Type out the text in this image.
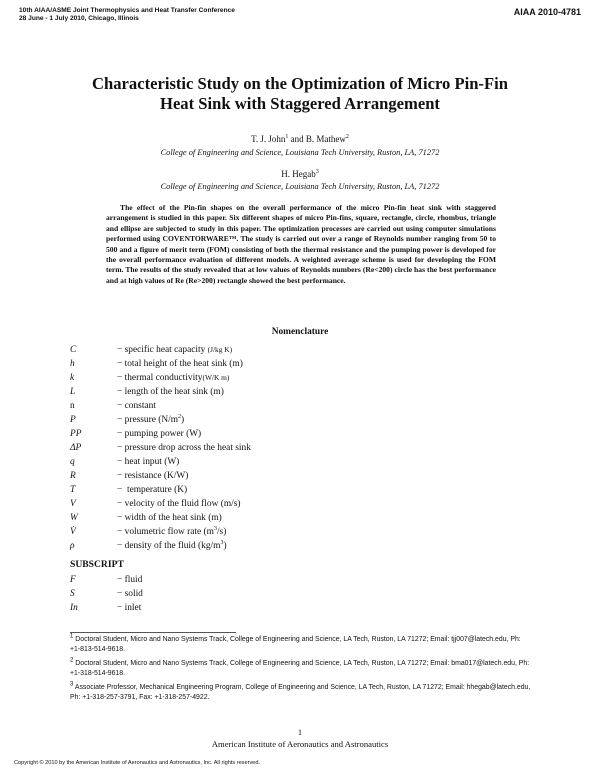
10th AIAA/ASME Joint Thermophysics and Heat Transfer Conference
28 June - 1 July 2010, Chicago, Illinois
AIAA 2010-4781
Characteristic Study on the Optimization of Micro Pin-Fin
Heat Sink with Staggered Arrangement
T. J. John$^1$ and B. Mathew$^2$
College of Engineering and Science, Louisiana Tech University, Ruston, LA, 71272
H. Hegab$^3$
College of Engineering and Science, Louisiana Tech University, Ruston, LA, 71272
The effect of the Pin-fin shapes on the overall performance of the micro Pin-fin heat sink with staggered arrangement is studied in this paper. Six different shapes of micro Pin-fins, square, rectangle, circle, rhombus, triangle and ellipse are subjected to study in this paper. The optimization processes are carried out using computer simulations performed using COVENTORWARE™. The study is carried out over a range of Reynolds number ranging from 50 to 500 and a figure of merit term (FOM) consisting of both the thermal resistance and the pumping power is developed for the overall performance evaluation of different models. A weighted average scheme is used for developing the FOM term. The results of the study revealed that at low values of Reynolds numbers (Re<200) circle has the best performance and at high values of Re (Re>200) rectangle showed the best performance.
Nomenclature
C	− specific heat capacity (J/kg K)
h	− total height of the heat sink (m)
k	− thermal conductivity(W/K m)
L	− length of the heat sink (m)
n	− constant
P	− pressure $(N/m^2)$
PP	− pumping power (W)
ΔP	− pressure drop across the heat sink
q	− heat input (W)
R	− resistance (K/W)
T	−  temperature (K)
V	− velocity of the fluid flow (m/s)
W	− width of the heat sink (m)
V̇	− volumetric flow rate $(m^3/s)$
ρ	− density of the fluid $(kg/m^3)$
SUBSCRIPT
F	− fluid
S	− solid
In	− inlet
$^1$ Doctoral Student, Micro and Nano Systems Track, College of Engineering and Science, LA Tech, Ruston, LA 71272; Email: tjj007@latech.edu, Ph: +1-813-514-9618.
$^2$ Doctoral Student, Micro and Nano Systems Track, College of Engineering and Science, LA Tech, Ruston, LA 71272; Email: bma017@latech.edu, Ph: +1-318-514-9618.
$^3$ Associate Professor, Mechanical Engineering Program, College of Engineering and Science, LA Tech, Ruston, LA 71272; Email: hhegab@latech.edu, Ph: +1-318-257-3791, Fax: +1-318-257-4922.
1
American Institute of Aeronautics and Astronautics
Copyright © 2010 by the American Institute of Aeronautics and Astronautics, Inc. All rights reserved.
